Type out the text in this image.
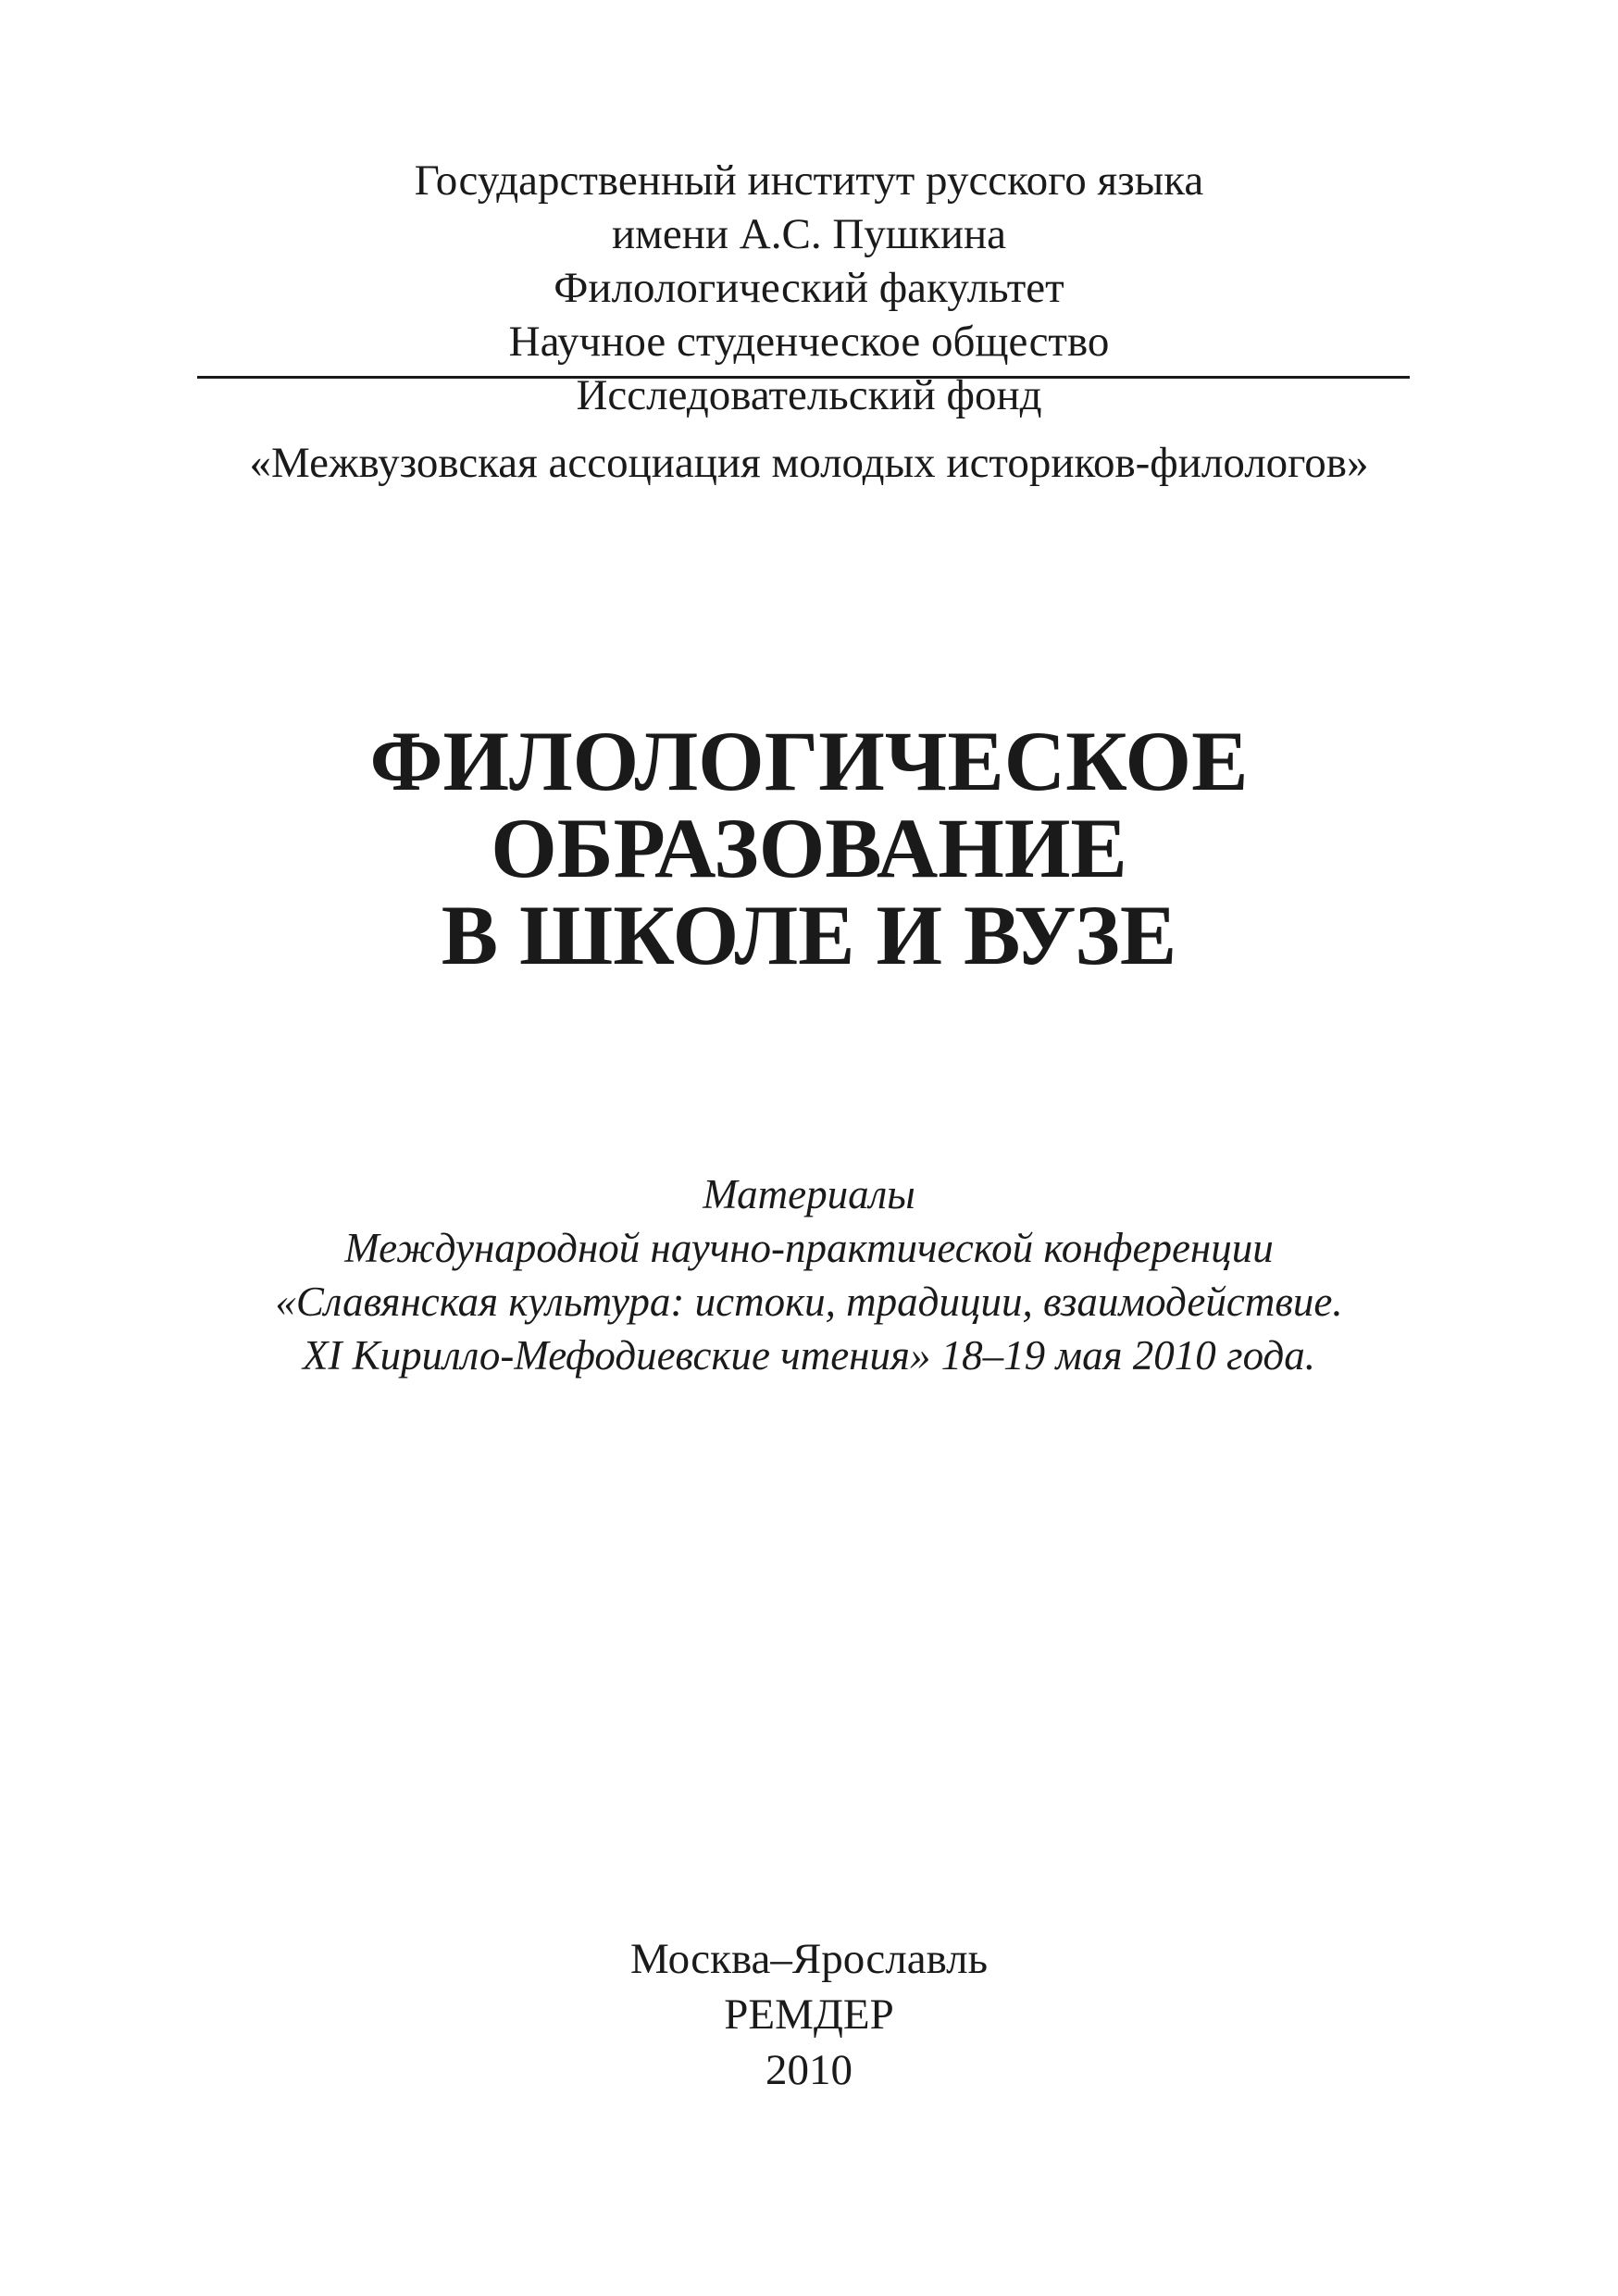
Государственный институт русского языка
имени А.С. Пушкина
Филологический факультет
Научное студенческое общество
Исследовательский фонд
«Межвузовская ассоциация молодых историков-филологов»
ФИЛОЛОГИЧЕСКОЕ
ОБРАЗОВАНИЕ
В ШКОЛЕ И ВУЗЕ
Материалы
Международной научно-практической конференции
«Славянская культура: истоки, традиции, взаимодействие.
XI Кирилло-Мефодиевские чтения» 18–19 мая 2010 года.
Москва–Ярославль
РЕМДЕР
2010
